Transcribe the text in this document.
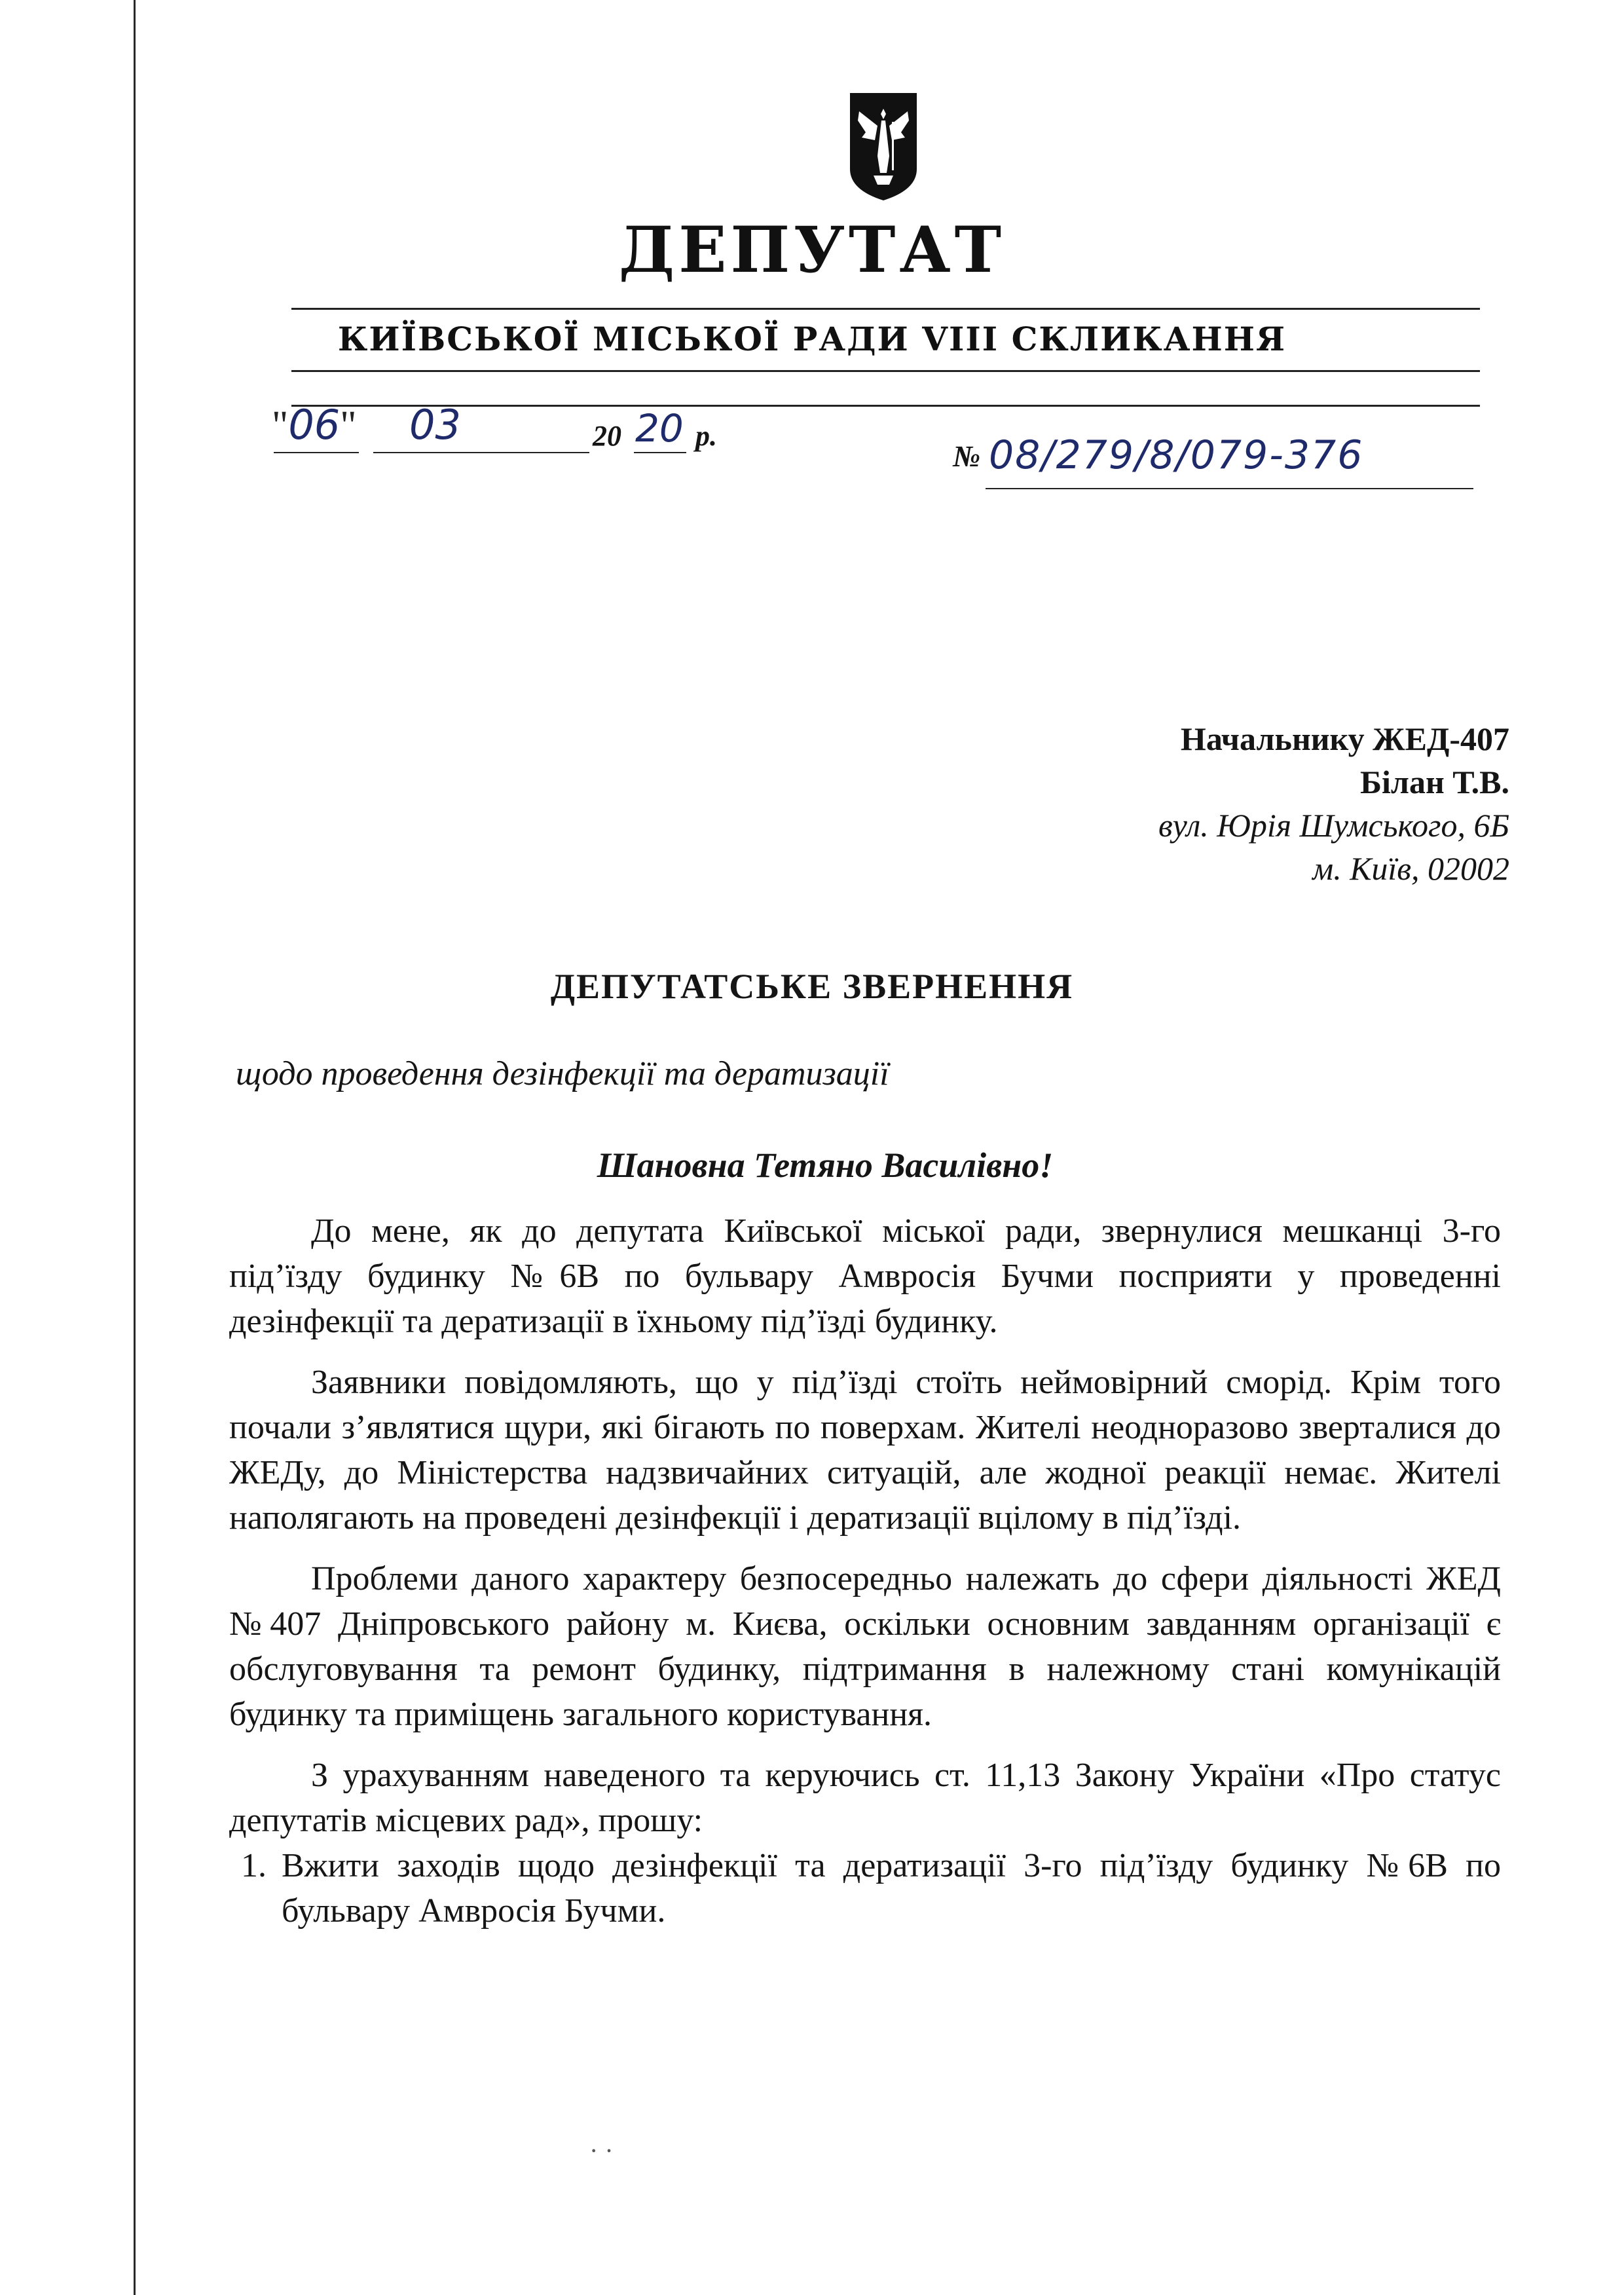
ДЕПУТАТ
КИЇВСЬКОЇ МІСЬКОЇ РАДИ VIII СКЛИКАННЯ
"06" 03	20 20 р.
№ 08/279/8/079-376
Начальнику ЖЕД-407
Білан Т.В.
вул. Юрія Шумського, 6Б
м. Київ, 02002
ДЕПУТАТСЬКЕ ЗВЕРНЕННЯ
щодо проведення дезінфекції та дератизації
Шановна Тетяно Василівно!

До мене, як до депутата Київської міської ради, звернулися мешканці 3-го під’їзду будинку №6В по бульвару Амвросія Бучми посприяти у проведенні дезінфекції та дератизації в їхньому під’їзді будинку.

Заявники повідомляють, що у під’їзді стоїть неймовірний сморід. Крім того почали з’являтися щури, які бігають по поверхам. Жителі неодноразово зверталися до ЖЕДу, до Міністерства надзвичайних ситуацій, але жодної реакції немає. Жителі наполягають на проведені дезінфекції і дератизації вцілому в під’їзді.

Проблеми даного характеру безпосередньо належать до сфери діяльності ЖЕД №407 Дніпровського району м. Києва, оскільки основним завданням організації є обслуговування та ремонт будинку, підтримання в належному стані комунікацій будинку та приміщень загального користування.

З урахуванням наведеного та керуючись ст. 11,13 Закону України «Про статус депутатів місцевих рад», прошу:

1. Вжити заходів щодо дезінфекції та дератизації 3-го під’їзду будинку №6В по бульвару Амвросія Бучми.
· ·
